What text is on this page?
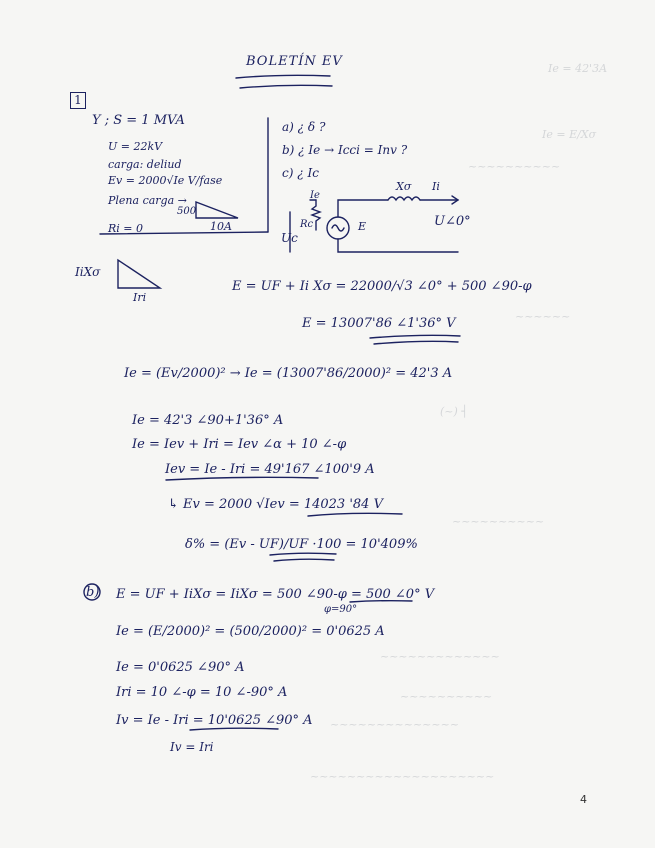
Ie = 42'3A
Ie = E/Xσ
~~~~~~~~~~
~~~~~~
(~) ┤
~~~~~~~~~~
~~~~~~~~~~~~~
~~~~~~~~~~
~~~~~~~~~~~~~~
~~~~~~~~~~~~~~~~~~~~
BOLETÍN EV
1
Y ; S = 1 MVA
U = 22kV
carga: deliud
Ev = 2000√Ie V/fase
Plena carga →
500
10A
Ri = 0
a) ¿ δ ?
b) ¿ Ie → Icci = Inv ?
c) ¿ Ic
Xσ Ii
U∠0°
E
Ie
Rc
Uc
IiXσ
Iri
E = UF + Ii Xσ = 22000/√3 ∠0° + 500 ∠90-φ
E = 13007'86 ∠1'36° V
Ie = (Ev/2000)² → Ie = (13007'86/2000)² = 42'3 A
Ie = 42'3 ∠90+1'36° A
Ie = Iev + Iri = Iev ∠α + 10 ∠-φ
Iev = Ie - Iri = 49'167 ∠100'9 A
↳ Ev = 2000 √Iev = 14023 '84 V
δ% = (Ev - UF)/UF ·100 = 10'409%
b) E = UF + IiXσ = IiXσ = 500 ∠90-φ = 500 ∠0° V
φ=90°
Ie = (E/2000)² = (500/2000)² = 0'0625 A
Ie = 0'0625 ∠90° A
Iri = 10 ∠-φ = 10 ∠-90° A
Iv = Ie - Iri = 10'0625 ∠90° A
Iv = Iri
4
